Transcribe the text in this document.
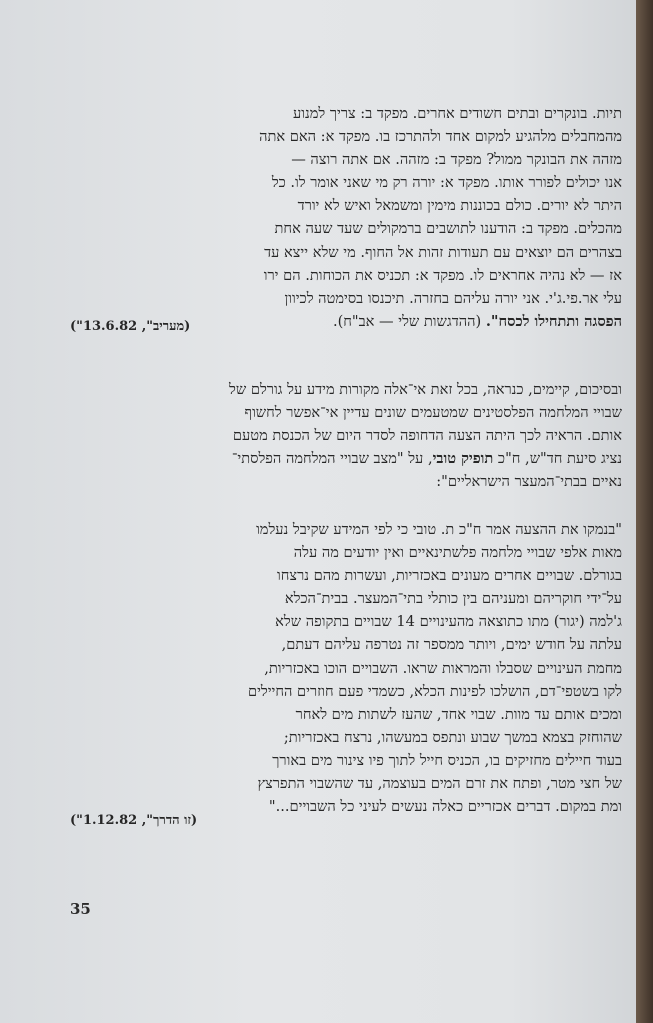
תיות. בונקרים ובתים חשודים אחרים. מפקד ב: צריך למנוע
מהמחבלים מלהגיע למקום אחד ולהתרכז בו. מפקד א: האם אתה
מזהה את הבונקר ממול? מפקד ב: מזהה. אם אתה רוצה —
אנו יכולים לפורר אותו. מפקד א: יורה רק מי שאני אומר לו. כל
היתר לא יורים. כולם בכוננות מימין ומשמאל ואיש לא יורד
מהכלים. מפקד ב: הודענו לתושבים ברמקולים שעד שעה אחת
בצהרים הם יוצאים עם תעודות זהות אל החוף. מי שלא ייצא עד
אז — לא נהיה אחראים לו. מפקד א: תכניס את הכוחות. הם ירו
עלי אר.פי.ג'י. אני יורה עליהם בחזרה. תיכנסו בסימטה לכיוון
הפסגה ותתחילו לכסח". (ההדגשות שלי — אב"ח).
("מעריב", 13.6.82)
ובסיכום, קיימים, כנראה, בכל זאת אי־אלה מקורות מידע על גורלם של
שבויי המלחמה הפלסטינים שמטעמים שונים עדיין אי־אפשר לחשוף
אותם. הראיה לכך היתה הצעה הדחופה לסדר היום של הכנסת מטעם
נציג סיעת חד"ש, ח"כ תופיק טובי, על "מצב שבויי המלחמה הפלסתי־
נאיים בבתי־המעצר הישראליים":
"בנמקו את ההצעה אמר ח"כ ת. טובי כי לפי המידע שקיבל נעלמו
מאות אלפי שבויי מלחמה פלשתינאיים ואין יודעים מה עלה
בגורלם. שבויים אחרים מעונים באכזריות, ועשרות מהם נרצחו
על־ידי חוקריהם ומעניהם בין כותלי בתי־המעצר. בבית־הכלא
ג'למה (יגור) מתו כתוצאה מהעינויים 14 שבויים בתקופה שלא
עלתה על חודש ימים, ויותר ממספר זה נטרפה עליהם דעתם,
מחמת העינויים שסבלו והמראות שראו. השבויים הוכו באכזריות,
לקו בשטפי־דם, הושלכו לפינות הכלא, כשמדי פעם חוזרים החיילים
ומכים אותם עד מוות. שבוי אחד, שהעז לשתות מים לאחר
שהוחזק בצמא במשך שבוע ונתפס במעשהו, נרצח באכזריות;
בעוד חיילים מחזיקים בו, הכניס חייל לתוך פיו צינור מים באורך
של חצי מטר, ופתח את זרם המים בעוצמה, עד שהשבוי התפרצץ
ומת במקום. דברים אכזריים כאלה נעשים לעיני כל השבויים..."
("זו הדרך", 1.12.82)
35
